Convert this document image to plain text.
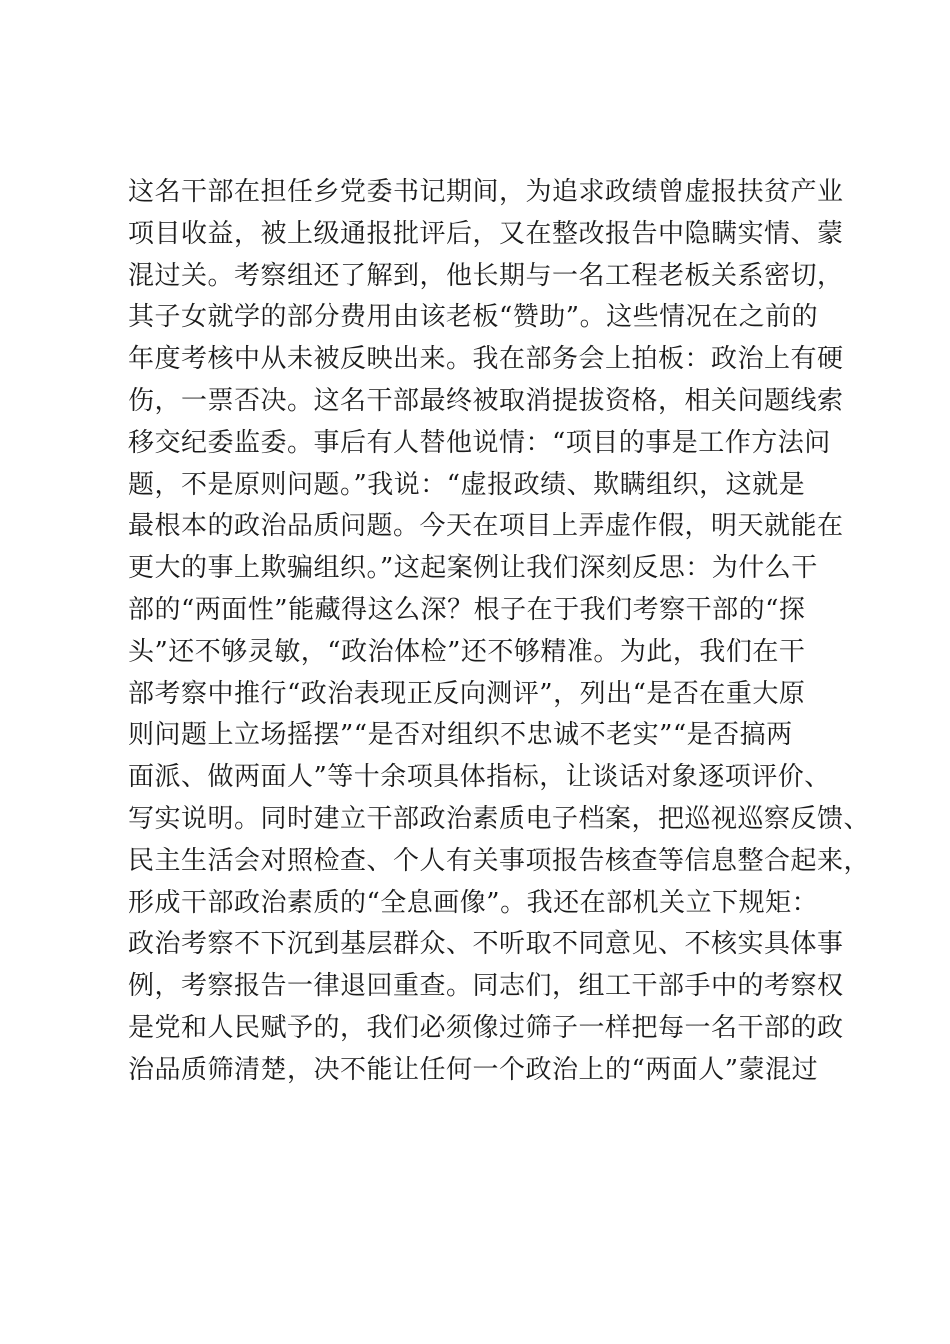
这名干部在担任乡党委书记期间，为追求政绩曾虚报扶贫产业
项目收益，被上级通报批评后，又在整改报告中隐瞒实情、蒙
混过关。考察组还了解到，他长期与一名工程老板关系密切，
其子女就学的部分费用由该老板“赞助”。这些情况在之前的
年度考核中从未被反映出来。我在部务会上拍板：政治上有硬
伤，一票否决。这名干部最终被取消提拔资格，相关问题线索
移交纪委监委。事后有人替他说情：“项目的事是工作方法问
题，不是原则问题。”我说：“虚报政绩、欺瞒组织，这就是
最根本的政治品质问题。今天在项目上弄虚作假，明天就能在
更大的事上欺骗组织。”这起案例让我们深刻反思：为什么干
部的“两面性”能藏得这么深？根子在于我们考察干部的“探
头”还不够灵敏，“政治体检”还不够精准。为此，我们在干
部考察中推行“政治表现正反向测评”，列出“是否在重大原
则问题上立场摇摆”“是否对组织不忠诚不老实”“是否搞两
面派、做两面人”等十余项具体指标，让谈话对象逐项评价、
写实说明。同时建立干部政治素质电子档案，把巡视巡察反馈、
民主生活会对照检查、个人有关事项报告核查等信息整合起来，
形成干部政治素质的“全息画像”。我还在部机关立下规矩：
政治考察不下沉到基层群众、不听取不同意见、不核实具体事
例，考察报告一律退回重查。同志们，组工干部手中的考察权
是党和人民赋予的，我们必须像过筛子一样把每一名干部的政
治品质筛清楚，决不能让任何一个政治上的“两面人”蒙混过
